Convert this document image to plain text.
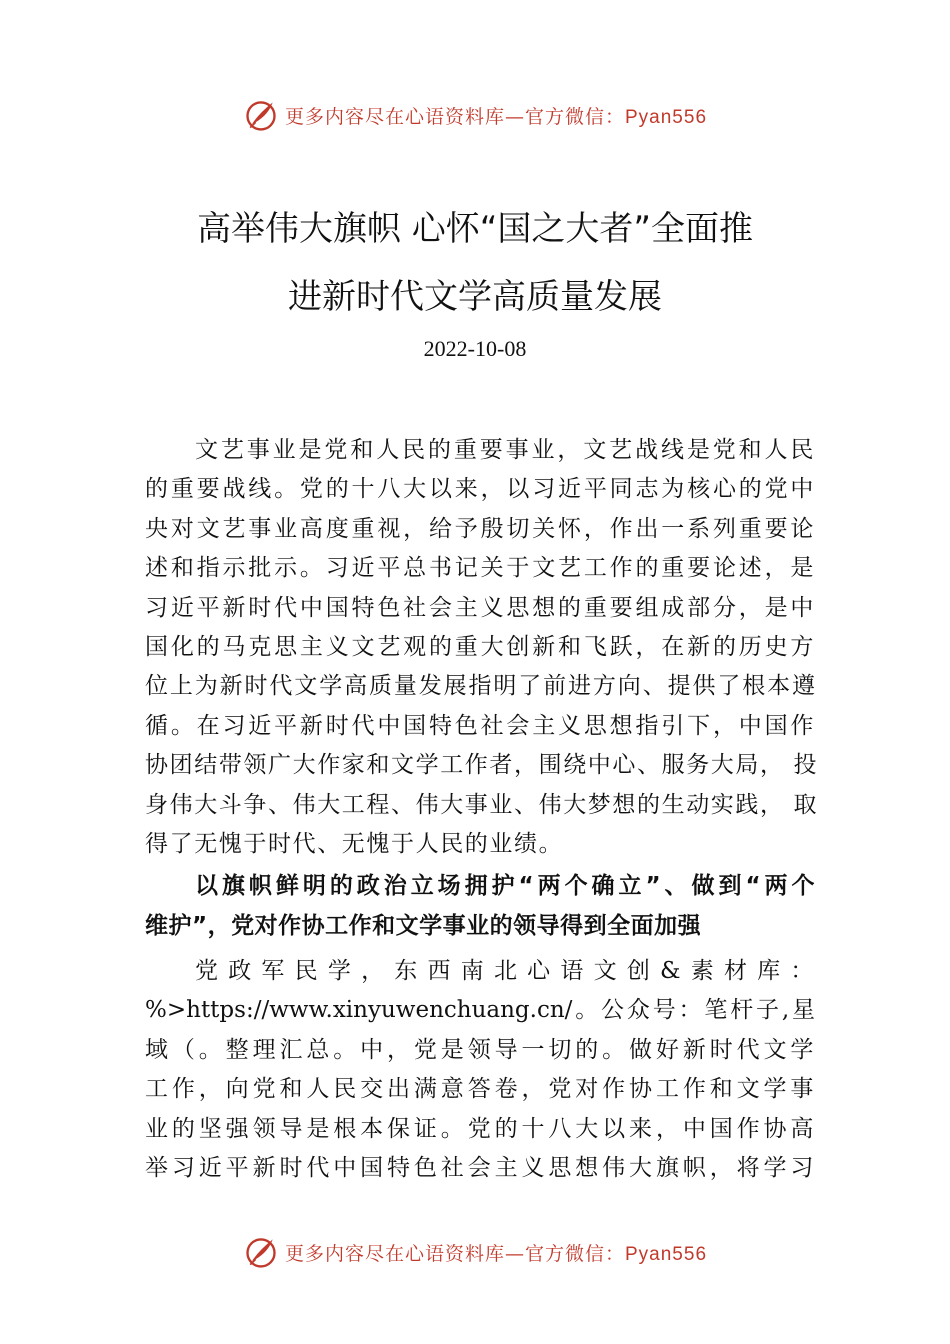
更多内容尽在心语资料库—官方微信：Pyan556
高举伟大旗帜 心怀“国之大者”全面推
进新时代文学高质量发展
2022-10-08
文艺事业是党和人民的重要事业，文艺战线是党和人民
的重要战线。党的十八大以来，以习近平同志为核心的党中
央对文艺事业高度重视，给予殷切关怀，作出一系列重要论
述和指示批示。习近平总书记关于文艺工作的重要论述，是
习近平新时代中国特色社会主义思想的重要组成部分，是中
国化的马克思主义文艺观的重大创新和飞跃，在新的历史方
位上为新时代文学高质量发展指明了前进方向、提供了根本遵
循。在习近平新时代中国特色社会主义思想指引下，中国作
协团结带领广大作家和文学工作者，围绕中心、服务大局， 投
身伟大斗争、伟大工程、伟大事业、伟大梦想的生动实践， 取
得了无愧于时代、无愧于人民的业绩。
以旗帜鲜明的政治立场拥护“两个确立”、做到“两个
维护”，党对作协工作和文学事业的领导得到全面加强
党政军民学，东西南北心语文创&素材库：
%>https://www.xinyuwenchuang.cn/。公众号：笔杆子,星
域（。整理汇总。中，党是领导一切的。做好新时代文学
工作，向党和人民交出满意答卷，党对作协工作和文学事
业的坚强领导是根本保证。党的十八大以来，中国作协高
举习近平新时代中国特色社会主义思想伟大旗帜，将学习
更多内容尽在心语资料库—官方微信：Pyan556
